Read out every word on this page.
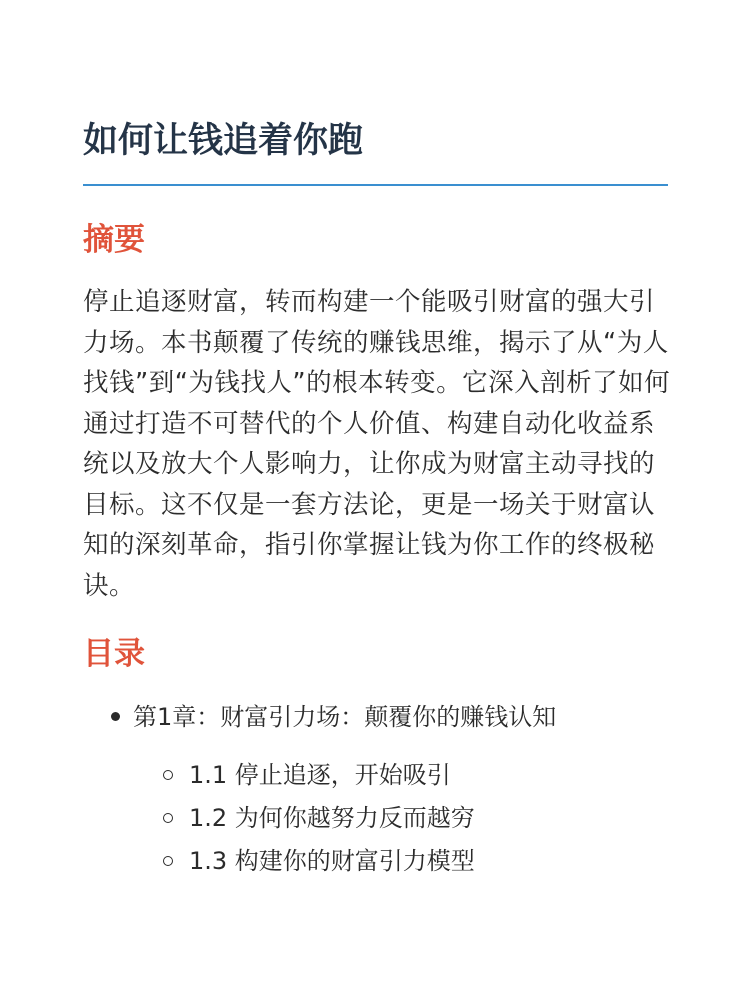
如何让钱追着你跑
摘要

停止追逐财富，转而构建一个能吸引财富的强大引力场。本书颠覆了传统的赚钱思维，揭示了从“为人找钱”到“为钱找人”的根本转变。它深入剖析了如何通过打造不可替代的个人价值、构建自动化收益系统以及放大个人影响力，让你成为财富主动寻找的目标。这不仅是一套方法论，更是一场关于财富认知的深刻革命，指引你掌握让钱为你工作的终极秘诀。

目录
第1章：财富引力场：颠覆你的赚钱认知
1.1 停止追逐，开始吸引
1.2 为何你越努力反而越穷
1.3 构建你的财富引力模型
